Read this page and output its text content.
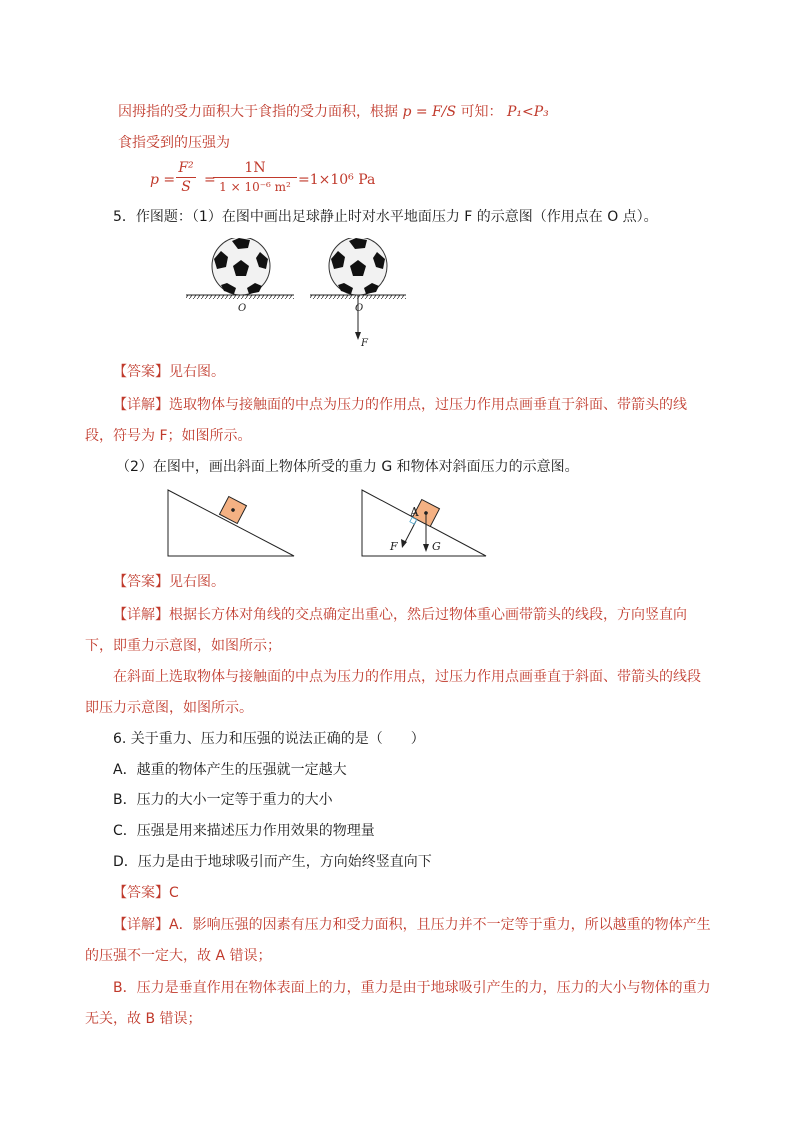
因拇指的受力面积大于食指的受力面积，根据 p = F/S 可知： P₁<P₃
食指受到的压强为
p =
F²
S =
1N
1 × 10⁻⁶ m² =1×10⁶ Pa
5．作图题：（1）在图中画出足球静止时对水平地面压力 F 的示意图（作用点在 O 点）。
O	O
F
【答案】见右图。
【详解】选取物体与接触面的中点为压力的作用点，过压力作用点画垂直于斜面、带箭头的线
段，符号为 F；如图所示。
（2）在图中，画出斜面上物体所受的重力 G 和物体对斜面压力的示意图。
A
F	G
【答案】见右图。
【详解】根据长方体对角线的交点确定出重心，然后过物体重心画带箭头的线段，方向竖直向
下，即重力示意图，如图所示；
在斜面上选取物体与接触面的中点为压力的作用点，过压力作用点画垂直于斜面、带箭头的线段
即压力示意图，如图所示。
6. 关于重力、压力和压强的说法正确的是（　　）
A．越重的物体产生的压强就一定越大
B．压力的大小一定等于重力的大小
C．压强是用来描述压力作用效果的物理量
D．压力是由于地球吸引而产生，方向始终竖直向下
【答案】C
【详解】A．影响压强的因素有压力和受力面积，且压力并不一定等于重力，所以越重的物体产生
的压强不一定大，故 A 错误；
B．压力是垂直作用在物体表面上的力，重力是由于地球吸引产生的力，压力的大小与物体的重力
无关，故 B 错误；
